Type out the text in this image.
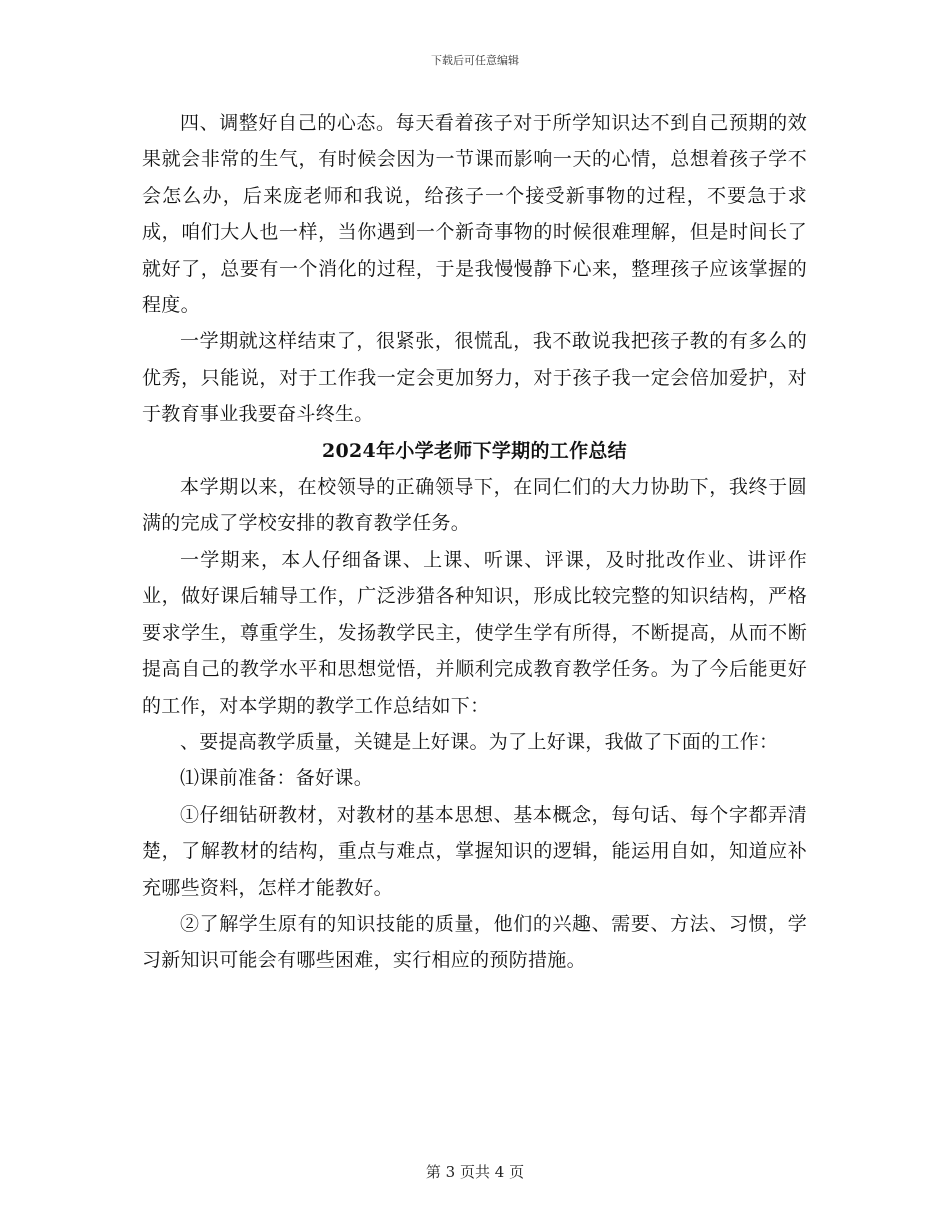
下载后可任意编辑

四、调整好自己的心态。每天看着孩子对于所学知识达不到自己预期的效果就会非常的生气，有时候会因为一节课而影响一天的心情，总想着孩子学不会怎么办，后来庞老师和我说，给孩子一个接受新事物的过程，不要急于求成，咱们大人也一样，当你遇到一个新奇事物的时候很难理解，但是时间长了就好了，总要有一个消化的过程，于是我慢慢静下心来，整理孩子应该掌握的程度。

一学期就这样结束了，很紧张，很慌乱，我不敢说我把孩子教的有多么的优秀，只能说，对于工作我一定会更加努力，对于孩子我一定会倍加爱护，对于教育事业我要奋斗终生。

2024年小学老师下学期的工作总结

本学期以来，在校领导的正确领导下，在同仁们的大力协助下，我终于圆满的完成了学校安排的教育教学任务。

一学期来，本人仔细备课、上课、听课、评课，及时批改作业、讲评作业，做好课后辅导工作，广泛涉猎各种知识，形成比较完整的知识结构，严格要求学生，尊重学生，发扬教学民主，使学生学有所得，不断提高，从而不断提高自己的教学水平和思想觉悟，并顺利完成教育教学任务。为了今后能更好的工作，对本学期的教学工作总结如下：

、要提高教学质量，关键是上好课。为了上好课，我做了下面的工作：

⑴课前准备：备好课。

①仔细钻研教材，对教材的基本思想、基本概念，每句话、每个字都弄清楚，了解教材的结构，重点与难点，掌握知识的逻辑，能运用自如，知道应补充哪些资料，怎样才能教好。

②了解学生原有的知识技能的质量，他们的兴趣、需要、方法、习惯，学习新知识可能会有哪些困难，实行相应的预防措施。

第 3 页共 4 页
